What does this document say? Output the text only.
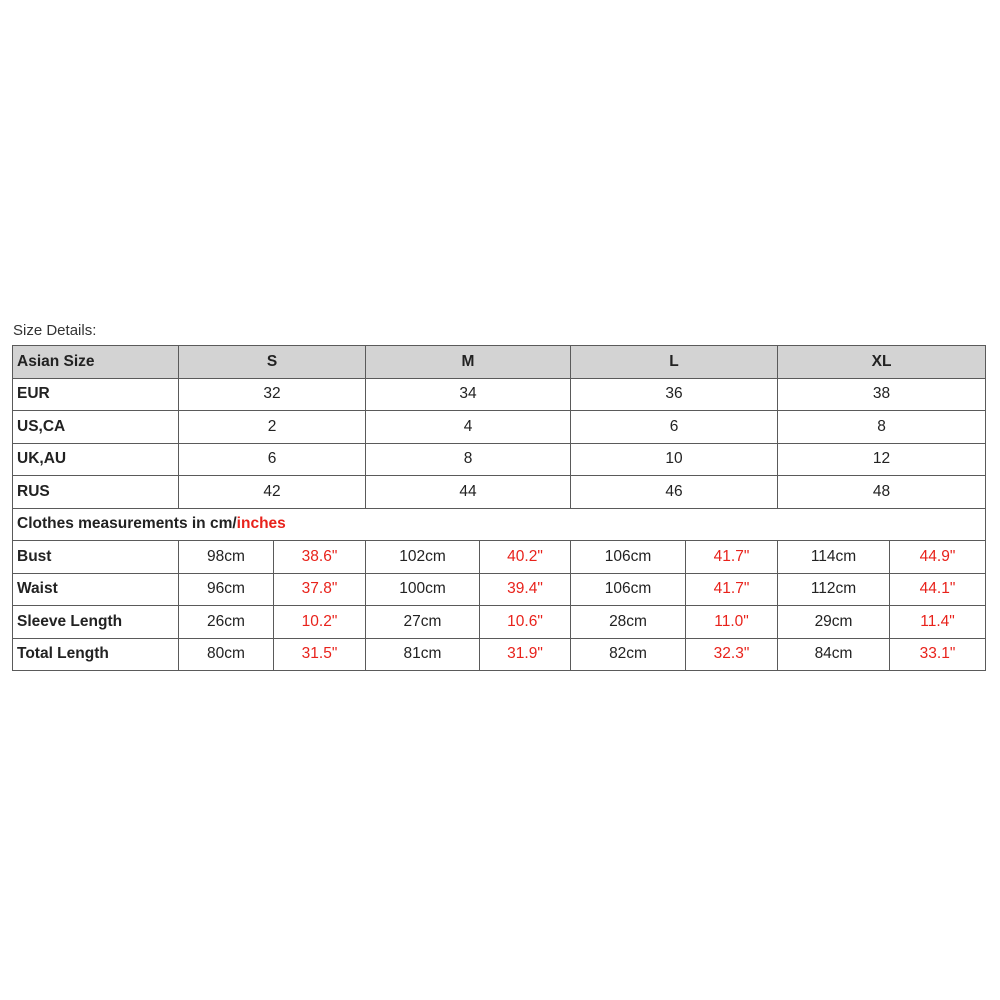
Size Details:
Asian Size	S		M		L		XL	
EUR	32		34		36		38	
US,CA	2		4		6		8	
UK,AU	6		8		10		12	
RUS	42		44		46		48	
Clothes measurements in cm/inches								
Bust	98cm	38.6"	102cm	40.2"	106cm	41.7"	114cm	44.9"
Waist	96cm	37.8"	100cm	39.4"	106cm	41.7"	112cm	44.1"
Sleeve Length	26cm	10.2"	27cm	10.6"	28cm	11.0"	29cm	11.4"
Total Length	80cm	31.5"	81cm	31.9"	82cm	32.3"	84cm	33.1"
